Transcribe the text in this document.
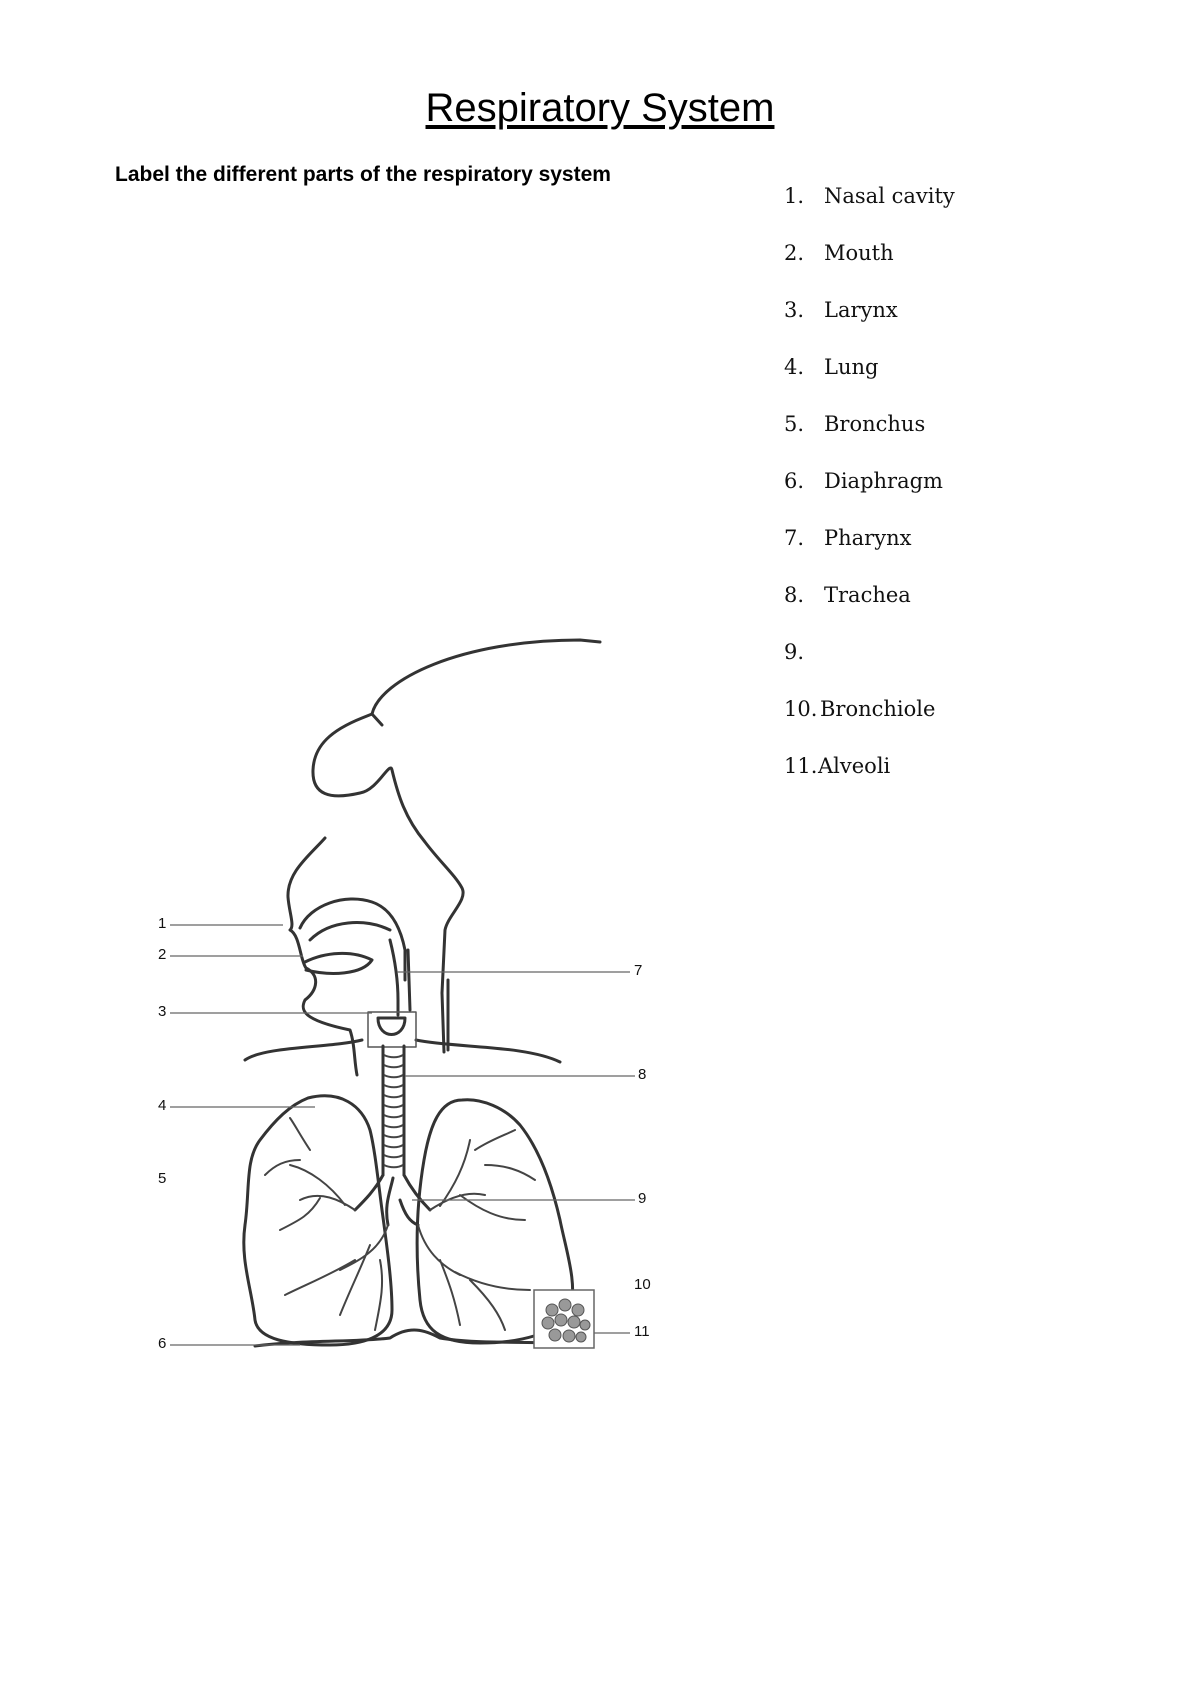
Respiratory System
Label the different parts of the respiratory system
1. Nasal cavity
2. Mouth
3. Larynx
4. Lung
5. Bronchus
6. Diaphragm
7. Pharynx
8. Trachea
9.
10. Bronchiole
11.Alveoli
1
2
3
4
5
6
7
8
9
10
11
